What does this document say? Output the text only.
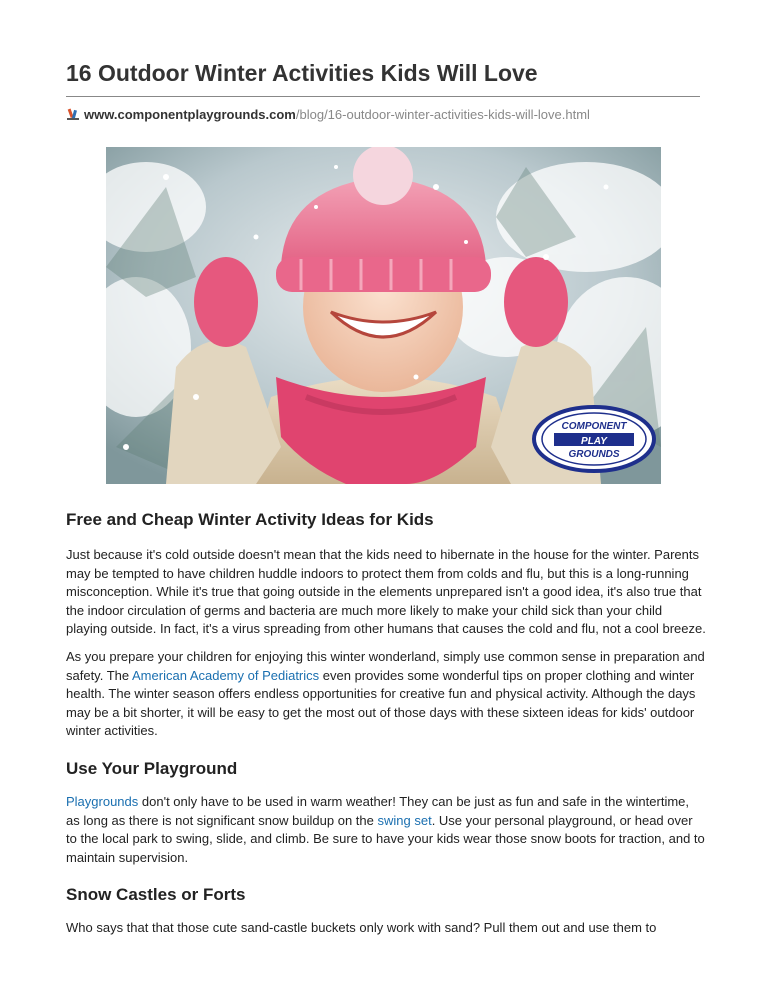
16 Outdoor Winter Activities Kids Will Love
www.componentplaygrounds.com/blog/16-outdoor-winter-activities-kids-will-love.html
COMPONENT
PLAY
GROUNDS
Free and Cheap Winter Activity Ideas for Kids

Just because it's cold outside doesn't mean that the kids need to hibernate in the house for the winter. Parents may be tempted to have children huddle indoors to protect them from colds and flu, but this is a long-running misconception. While it's true that going outside in the elements unprepared isn't a good idea, it's also true that the indoor circulation of germs and bacteria are much more likely to make your child sick than your child playing outside. In fact, it's a virus spreading from other humans that causes the cold and flu, not a cool breeze.

As you prepare your children for enjoying this winter wonderland, simply use common sense in preparation and safety. The American Academy of Pediatrics even provides some wonderful tips on proper clothing and winter health. The winter season offers endless opportunities for creative fun and physical activity. Although the days may be a bit shorter, it will be easy to get the most out of those days with these sixteen ideas for kids' outdoor winter activities.

Use Your Playground

Playgrounds don't only have to be used in warm weather! They can be just as fun and safe in the wintertime, as long as there is not significant snow buildup on the swing set. Use your personal playground, or head over to the local park to swing, slide, and climb. Be sure to have your kids wear those snow boots for traction, and to maintain supervision.

Snow Castles or Forts

Who says that that those cute sand-castle buckets only work with sand? Pull them out and use them to
